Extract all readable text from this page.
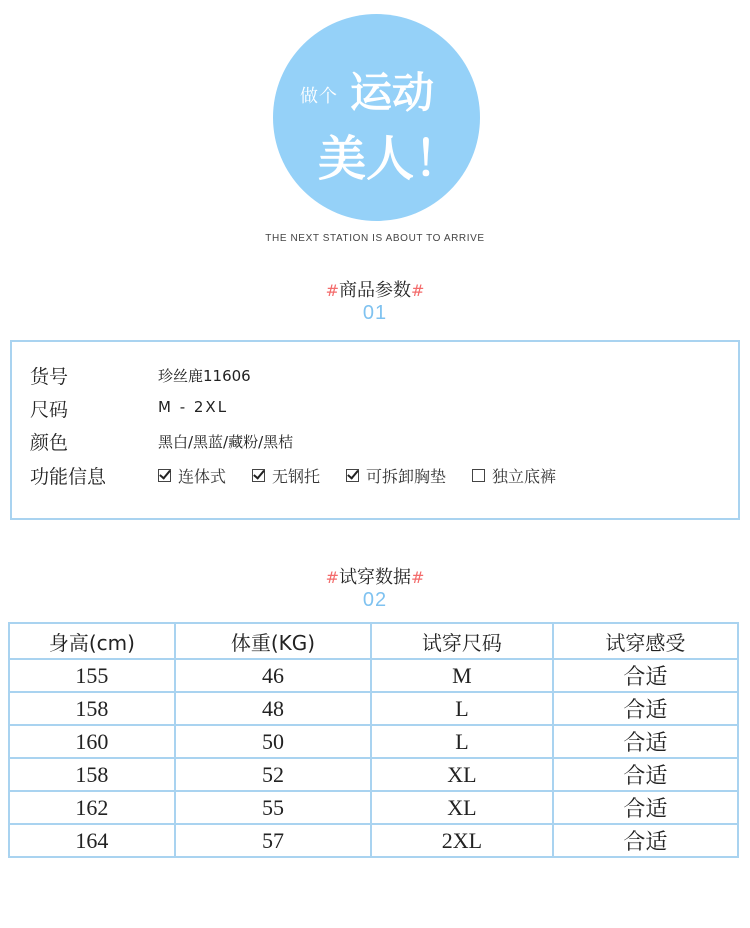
做个 运动
美人！
THE NEXT STATION IS ABOUT TO ARRIVE
#商品参数#
01
货号	珍丝鹿11606
尺码	M - 2XL
颜色	黑白/黑蓝/藏粉/黑桔
功能信息	连体式	无钢托	可拆卸胸垫	独立底裤
#试穿数据#
02
身高(cm)	体重(KG)	试穿尺码	试穿感受
155	46	M	合适
158	48	L	合适
160	50	L	合适
158	52	XL	合适
162	55	XL	合适
164	57	2XL	合适
